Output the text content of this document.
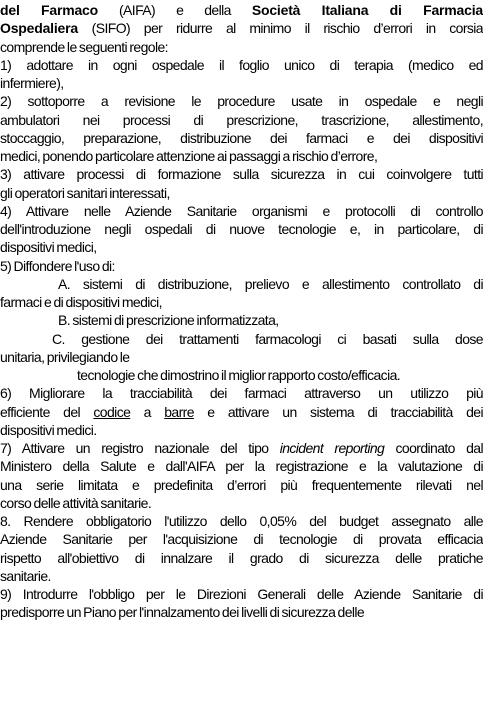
del Farmaco (AIFA) e della Società Italiana di Farmacia
Ospedaliera (SIFO) per ridurre al minimo il rischio d’errori in corsia
comprende le seguenti regole:
1) adottare in ogni ospedale il foglio unico di terapia (medico ed
infermiere),
2) sottoporre a revisione le procedure usate in ospedale e negli
ambulatori nei processi di prescrizione, trascrizione, allestimento,
stoccaggio, preparazione, distribuzione dei farmaci e dei dispositivi
medici, ponendo particolare attenzione ai passaggi a rischio d’errore,
3) attivare processi di formazione sulla sicurezza in cui coinvolgere tutti
gli operatori sanitari interessati,
4) Attivare nelle Aziende Sanitarie organismi e protocolli di controllo
dell'introduzione negli ospedali di nuove tecnologie e, in particolare, di
dispositivi medici,
5) Diffondere l'uso di:
A. sistemi di distribuzione, prelievo e allestimento controllato di
farmaci e di dispositivi medici,
B. sistemi di prescrizione informatizzata,
C. gestione dei trattamenti farmacologi ci basati sulla dose
unitaria, privilegiando le
tecnologie che dimostrino il miglior rapporto costo/efficacia.
6) Migliorare la tracciabilità dei farmaci attraverso un utilizzo più
efficiente del codice a barre e attivare un sistema di tracciabilità dei
dispositivi medici.
7) Attivare un registro nazionale del tipo incident reporting coordinato dal
Ministero della Salute e dall'AIFA per la registrazione e la valutazione di
una serie limitata e predefinita d’errori più frequentemente rilevati nel
corso delle attività sanitarie.
8. Rendere obbligatorio l'utilizzo dello 0,05% del budget assegnato alle
Aziende Sanitarie per l'acquisizione di tecnologie di provata efficacia
rispetto all'obiettivo di innalzare il grado di sicurezza delle pratiche
sanitarie.
9) Introdurre l'obbligo per le Direzioni Generali delle Aziende Sanitarie di
predisporre un Piano per l'innalzamento dei livelli di sicurezza delle
